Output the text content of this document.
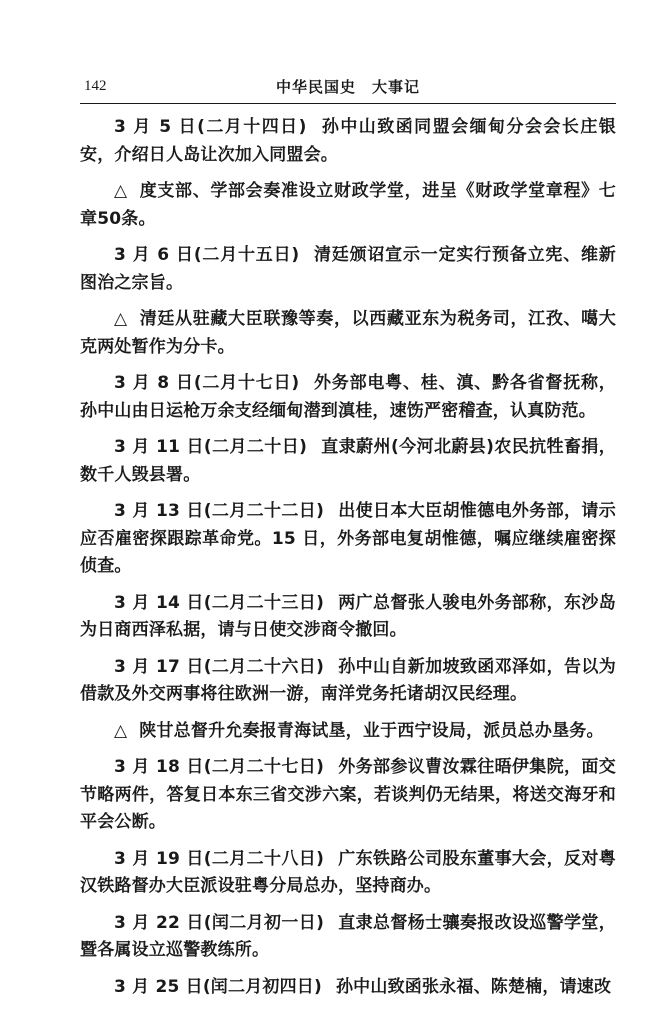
142	中华民国史　大事记

3 月 5 日(二月十四日) 孙中山致函同盟会缅甸分会会长庄银安，介绍日人岛让次加入同盟会。

△ 度支部、学部会奏准设立财政学堂，进呈《财政学堂章程》七章50条。

3 月 6 日(二月十五日) 清廷颁诏宣示一定实行预备立宪、维新图治之宗旨。

△ 清廷从驻藏大臣联豫等奏，以西藏亚东为税务司，江孜、噶大克两处暂作为分卡。

3 月 8 日(二月十七日) 外务部电粤、桂、滇、黔各省督抚称，孙中山由日运枪万余支经缅甸潜到滇桂，速饬严密稽查，认真防范。

3 月 11 日(二月二十日) 直隶蔚州(今河北蔚县)农民抗牲畜捐，数千人毁县署。

3 月 13 日(二月二十二日) 出使日本大臣胡惟德电外务部，请示应否雇密探跟踪革命党。15 日，外务部电复胡惟德，嘱应继续雇密探侦查。

3 月 14 日(二月二十三日) 两广总督张人骏电外务部称，东沙岛为日商西泽私据，请与日使交涉商令撤回。

3 月 17 日(二月二十六日) 孙中山自新加坡致函邓泽如，告以为借款及外交两事将往欧洲一游，南洋党务托诸胡汉民经理。

△ 陕甘总督升允奏报青海试垦，业于西宁设局，派员总办垦务。

3 月 18 日(二月二十七日) 外务部参议曹汝霖往晤伊集院，面交节略两件，答复日本东三省交涉六案，若谈判仍无结果，将送交海牙和平会公断。

3 月 19 日(二月二十八日) 广东铁路公司股东董事大会，反对粤汉铁路督办大臣派设驻粤分局总办，坚持商办。

3 月 22 日(闰二月初一日) 直隶总督杨士骧奏报改设巡警学堂，暨各属设立巡警教练所。

3 月 25 日(闰二月初四日) 孙中山致函张永福、陈楚楠，请速改
